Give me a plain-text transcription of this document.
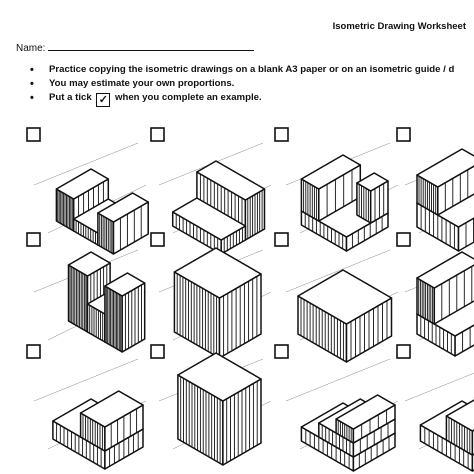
Isometric Drawing Worksheet
Name:
• Practice copying the isometric drawings on a blank A3 paper or on an isometric guide / d
• You may estimate your own proportions.
• Put a tick ✓ when you complete an example.
